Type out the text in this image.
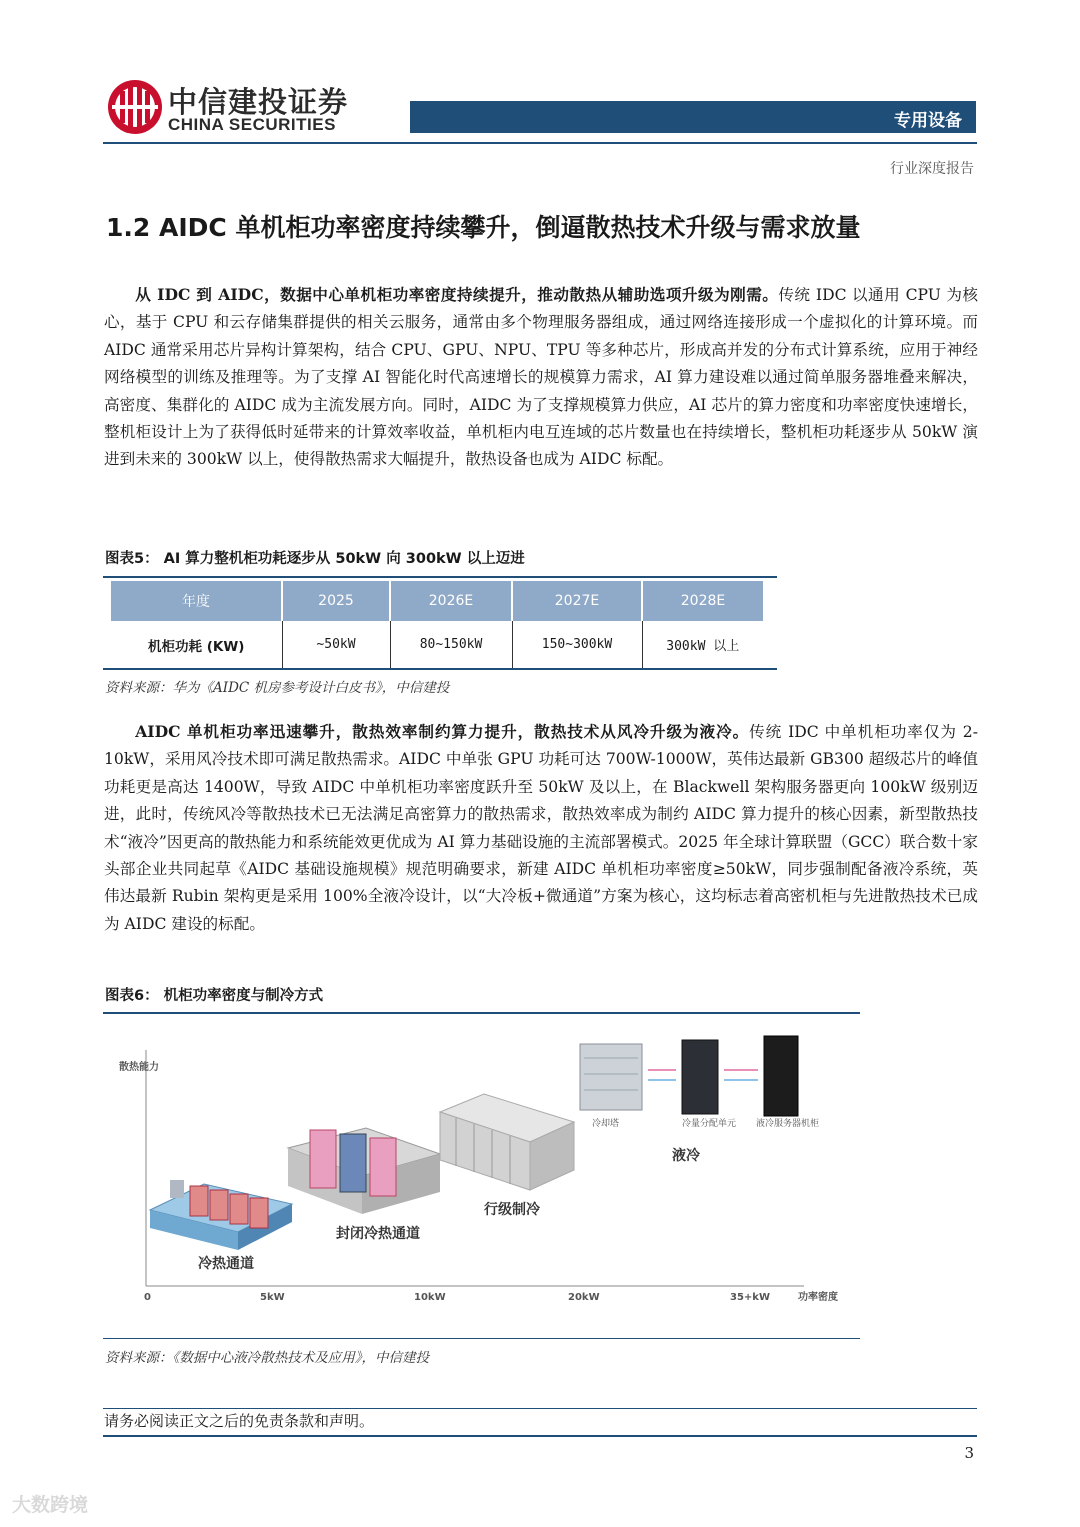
中信建投证券
CHINA SECURITIES	专用设备
行业深度报告
1.2 AIDC 单机柜功率密度持续攀升，倒逼散热技术升级与需求放量
从 IDC 到 AIDC，数据中心单机柜功率密度持续提升，推动散热从辅助选项升级为刚需。传统 IDC 以通用 CPU 为核心，基于 CPU 和云存储集群提供的相关云服务，通常由多个物理服务器组成，通过网络连接形成一个虚拟化的计算环境。而 AIDC 通常采用芯片异构计算架构，结合 CPU、GPU、NPU、TPU 等多种芯片，形成高并发的分布式计算系统，应用于神经网络模型的训练及推理等。为了支撑 AI 智能化时代高速增长的规模算力需求，AI 算力建设难以通过简单服务器堆叠来解决，高密度、集群化的 AIDC 成为主流发展方向。同时，AIDC 为了支撑规模算力供应，AI 芯片的算力密度和功率密度快速增长，整机柜设计上为了获得低时延带来的计算效率收益，单机柜内电互连域的芯片数量也在持续增长，整机柜功耗逐步从 50kW 演进到未来的 300kW 以上，使得散热需求大幅提升，散热设备也成为 AIDC 标配。
图表5： AI 算力整机柜功耗逐步从 50kW 向 300kW 以上迈进
年度	2025	2026E	2027E	2028E
机柜功耗 (KW)	~50kW	80~150kW	150~300kW	300kW 以上
资料来源：华为《AIDC 机房参考设计白皮书》，中信建投
AIDC 单机柜功率迅速攀升，散热效率制约算力提升，散热技术从风冷升级为液冷。传统 IDC 中单机柜功率仅为 2-10kW，采用风冷技术即可满足散热需求。AIDC 中单张 GPU 功耗可达 700W-1000W，英伟达最新 GB300 超级芯片的峰值功耗更是高达 1400W，导致 AIDC 中单机柜功率密度跃升至 50kW 及以上，在 Blackwell 架构服务器更向 100kW 级别迈进，此时，传统风冷等散热技术已无法满足高密算力的散热需求，散热效率成为制约 AIDC 算力提升的核心因素，新型散热技术“液冷”因更高的散热能力和系统能效更优成为 AI 算力基础设施的主流部署模式。2025 年全球计算联盟（GCC）联合数十家头部企业共同起草《AIDC 基础设施规模》规范明确要求，新建 AIDC 单机柜功率密度≥50kW，同步强制配备液冷系统，英伟达最新 Rubin 架构更是采用 100%全液冷设计，以“大冷板+微通道”方案为核心，这均标志着高密机柜与先进散热技术已成为 AIDC 建设的标配。
图表6： 机柜功率密度与制冷方式
散热能力
功率密度
0	5kW	10kW	20kW	35+kW
冷热通道
封闭冷热通道
行级制冷
冷却塔	冷量分配单元 液冷服务器机柜
液冷
资料来源：《数据中心液冷散热技术及应用》，中信建投
请务必阅读正文之后的免责条款和声明。
3
大数跨境
